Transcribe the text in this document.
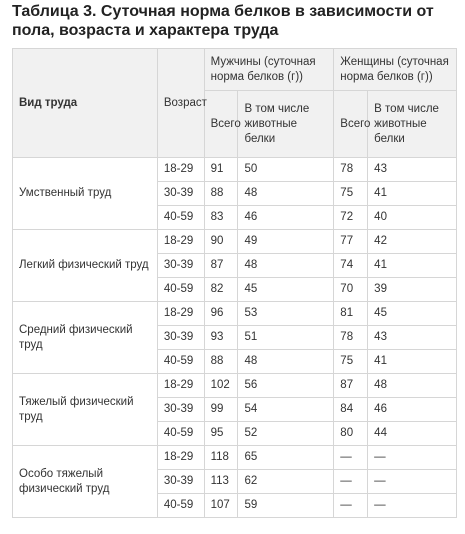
Таблица 3. Суточная норма белков в зависимости от пола, возраста и характера труда
Вид труда	Возраст	Мужчины (суточная норма белков (г))		Женщины (суточная норма белков (г))	
		Всего	В том числе животные белки	Всего	В том числе животные белки
Умственный труд	18-29	91	50	78	43
	30-39	88	48	75	41
	40-59	83	46	72	40
Легкий физический труд	18-29	90	49	77	42
	30-39	87	48	74	41
	40-59	82	45	70	39
Средний физический труд	18-29	96	53	81	45
	30-39	93	51	78	43
	40-59	88	48	75	41
Тяжелый физический труд	18-29	102	56	87	48
	30-39	99	54	84	46
	40-59	95	52	80	44
Особо тяжелый физический труд	18-29	118	65	—	—
	30-39	113	62	—	—
	40-59	107	59	—	—
